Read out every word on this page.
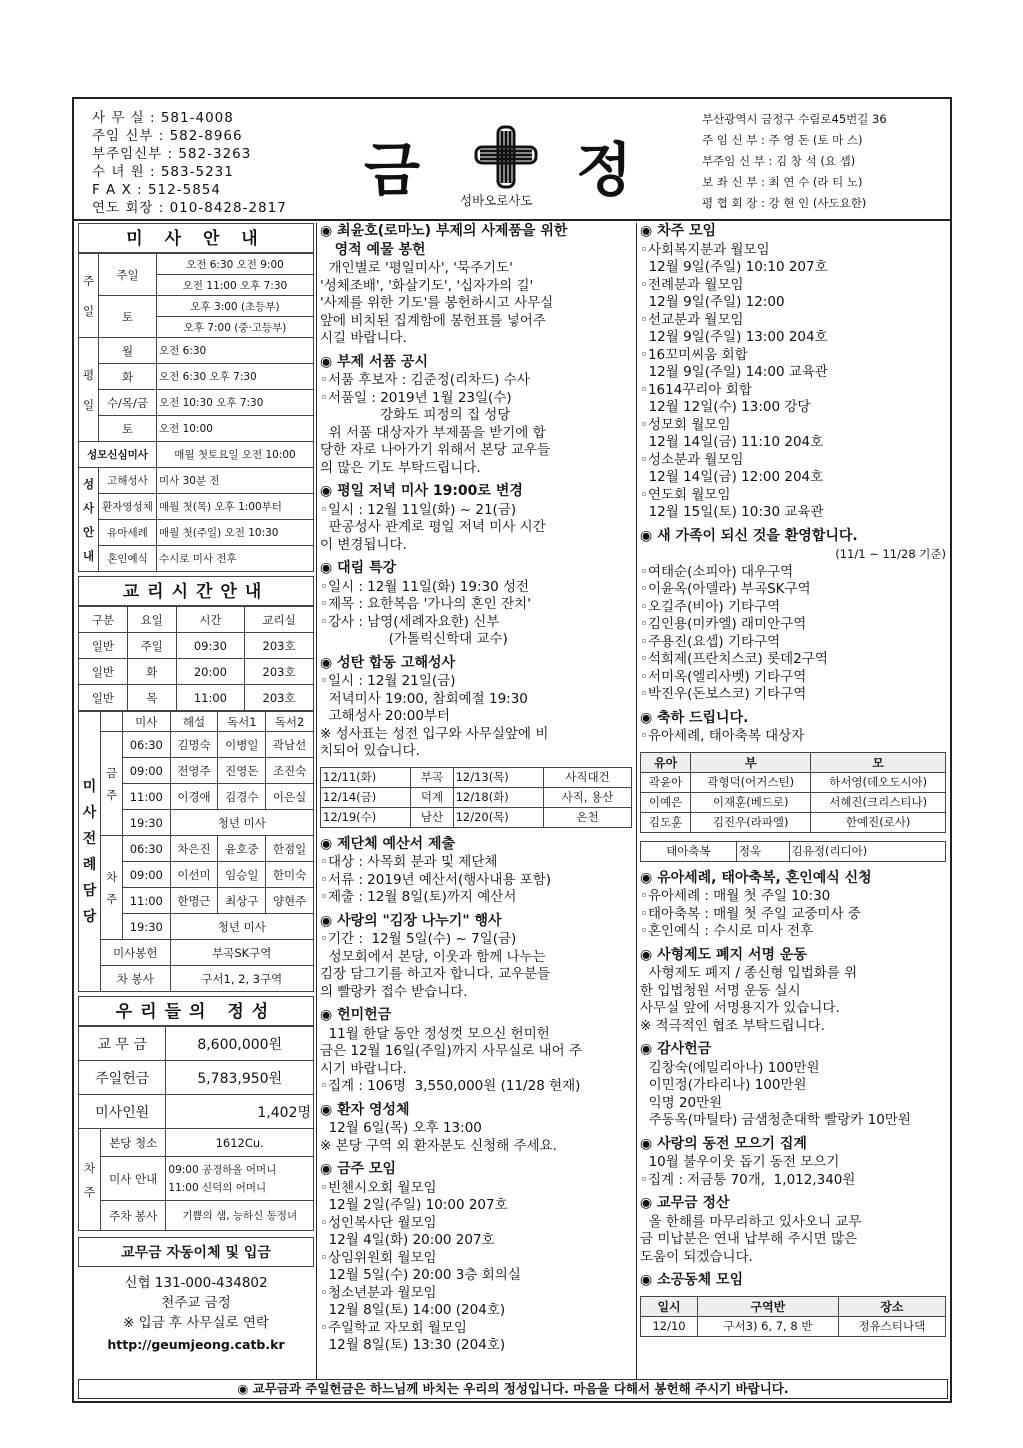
사 무 실 : 581-4008
주임 신부 : 582-8966
부주임신부 : 582-3263
수 녀 원 : 583-5231
F A X : 512-5854
연도 회장 : 010-8428-2817
금	정
성바오로사도
부산광역시 금정구 수림로45번길 36
주 임 신 부 : 주 영 돈 (토 마 스)
부주임 신 부 : 김 창 석 (요 셉)
보 좌 신 부 : 최 연 수 (라 티 노)
평 협 회 장 : 강 현 인 (사도요한)
미 사 안 내
주일	주일	오전 6:30 오전 9:00
		오전 11:00 오후 7:30
	토	오후 3:00 (초등부)
		오후 7:00 (중·고등부)
평일	월	오전 6:30
	화	오전 6:30 오후 7:30
	수/목/금	오전 10:30 오후 7:30
	토	오전 10:00
성모신심미사		매월 첫토요일 오전 10:00
성사안내	고해성사	미사 30분 전
	환자영성체	매월 첫(목) 오후 1:00부터
	유아세례	매월 첫(주일) 오전 10:30
	혼인예식	수시로 미사 전후
교리시간안내
구분	요일	시간	교리실
일반	주일	09:30	203호
일반	화	20:00	203호
일반	목	11:00	203호
미사전례담당		미사	해설	독서1	독서2
	금주	06:30	김명숙	이병일	곽남선
		09:00	전영주	진영돈	조진숙
		11:00	이경애	김경수	이은실
		19:30	청년 미사		
	차주	06:30	차은진	윤호중	한점일
		09:00	이선미	임승일	한미숙
		11:00	한명근	최상구	양현주
		19:30	청년 미사		
	미사봉헌		부곡SK구역		
	차 봉사		구서1, 2, 3구역		
우리들의 정성
교 무 금		8,600,000원
주일헌금		5,783,950원
미사인원		1,402명
차주	본당 청소	1612Cu.
	미사 안내	09:00 공경하올 어머니
11:00 신덕의 어머니

	주차 봉사	기쁨의 샘, 능하신 동정녀
교무금 자동이체 및 입금
신협 131-000-434802
천주교 금정
※ 입금 후 사무실로 연락
http://geumjeong.catb.kr
◉ 최윤호(로마노) 부제의 사제품을 위한
영적 예물 봉헌

개인별로 '평일미사', '묵주기도'

'성체조배', '화살기도', '십자가의 길'

'사제를 위한 기도'를 봉헌하시고 사무실

앞에 비치된 집계함에 봉헌표를 넣어주

시길 바랍니다.

◉ 부제 서품 공시

◦서품 후보자 : 김준정(리차드) 수사

◦서품일 : 2019년 1월 23일(수)

강화도 피정의 집 성당

위 서품 대상자가 부제품을 받기에 합

당한 자로 나아가기 위해서 본당 교우들

의 많은 기도 부탁드립니다.

◉ 평일 저녁 미사 19:00로 변경

◦일시 : 12월 11일(화) ~ 21(금)

판공성사 관계로 평일 저녁 미사 시간

이 변경됩니다.

◉ 대림 특강

◦일시 : 12월 11일(화) 19:30 성전

◦제목 : 요한복음 '가나의 혼인 잔치'

◦강사 : 남영(세례자요한) 신부

(가톨릭신학대 교수)

◉ 성탄 합동 고해성사

◦일시 : 12월 21일(금)

저녁미사 19:00, 참회예절 19:30

고해성사 20:00부터

※ 성사표는 성전 입구와 사무실앞에 비

치되어 있습니다.

12/11(화)	부곡	12/13(목)	사직대건
12/14(금)	덕계	12/18(화)	사직, 용산
12/19(수)	남산	12/20(목)	온천
◉ 제단체 예산서 제출

◦대상 : 사목회 분과 및 제단체

◦서류 : 2019년 예산서(행사내용 포함)

◦제출 : 12월 8일(토)까지 예산서

◉ 사랑의 "김장 나누기" 행사

◦기간 :  12월 5일(수) ~ 7일(금)

성모회에서 본당, 이웃과 함께 나누는

김장 담그기를 하고자 합니다. 교우분들

의 빨랑카 접수 받습니다.

◉ 헌미헌금

11월 한달 동안 정성껏 모으신 헌미헌

금은 12월 16일(주일)까지 사무실로 내어 주

시기 바랍니다.

◦집계 : 106명  3,550,000원 (11/28 현재)

◉ 환자 영성체

12월 6일(목) 오후 13:00

※ 본당 구역 외 환자분도 신청해 주세요.

◉ 금주 모임

◦빈첸시오회 월모임

12월 2일(주일) 10:00 207호

◦성인복사단 월모임

12월 4일(화) 20:00 207호

◦상임위원회 월모임

12월 5일(수) 20:00 3층 회의실

◦청소년분과 월모임

12월 8일(토) 14:00 (204호)

◦주일학교 자모회 월모임

12월 8일(토) 13:30 (204호)

◉ 차주 모임

◦사회복지분과 월모임

12월 9일(주일) 10:10 207호

◦전례분과 월모임

12월 9일(주일) 12:00

◦선교분과 월모임

12월 9일(주일) 13:00 204호

◦16꼬미씨움 회합

12월 9일(주일) 14:00 교육관

◦1614꾸리아 회합

12월 12일(수) 13:00 강당

◦성모회 월모임

12월 14일(금) 11:10 204호

◦성소분과 월모임

12월 14일(금) 12:00 204호

◦연도회 월모임

12월 15일(토) 10:30 교육관

◉ 새 가족이 되신 것을 환영합니다.

(11/1 ~ 11/28 기준)

◦여태순(소피아) 대우구역

◦이윤옥(아델라) 부곡SK구역

◦오길주(비아) 기타구역

◦김인용(미카엘) 래미안구역

◦주용진(요셉) 기타구역

◦석희제(프란치스코) 롯데2구역

◦서미옥(엘리사벳) 기타구역

◦박진우(돈보스코) 기타구역

◉ 축하 드립니다.

◦유아세례, 태아축복 대상자

유아	부	모
곽윤아	곽형덕(어거스틴)	하서영(데오도시아)
이예은	이재훈(베드로)	서혜진(크리스티나)
김도훈	김진우(라파엘)	한예진(로사)
태아축복	정욱	김유정(리디아)
◉ 유아세례, 태아축복, 혼인예식 신청

◦유아세례 : 매월 첫 주일 10:30

◦태아축복 : 매월 첫 주일 교중미사 중

◦혼인예식 : 수시로 미사 전후

◉ 사형제도 폐지 서명 운동

사형제도 폐지 / 종신형 입법화를 위

한 입법청원 서명 운동 실시

사무실 앞에 서명용지가 있습니다.

※ 적극적인 협조 부탁드립니다.

◉ 감사헌금

김창숙(에밀리아나) 100만원

이민정(가타리나) 100만원

익명 20만원

주동옥(마틸타) 금샘청춘대학 빨랑카 10만원

◉ 사랑의 동전 모으기 집계

10월 불우이웃 돕기 동전 모으기

◦집계 : 저금통 70개,  1,012,340원

◉ 교무금 정산

올 한해를 마무리하고 있사오니 교무

금 미납분은 연내 납부해 주시면 많은

도움이 되겠습니다.

◉ 소공동체 모임
일시	구역반	장소
12/10	구서3) 6, 7, 8 반	정유스티나댁
◉ 교무금과 주일헌금은 하느님께 바치는 우리의 정성입니다. 마음을 다해서 봉헌해 주시기 바랍니다.
